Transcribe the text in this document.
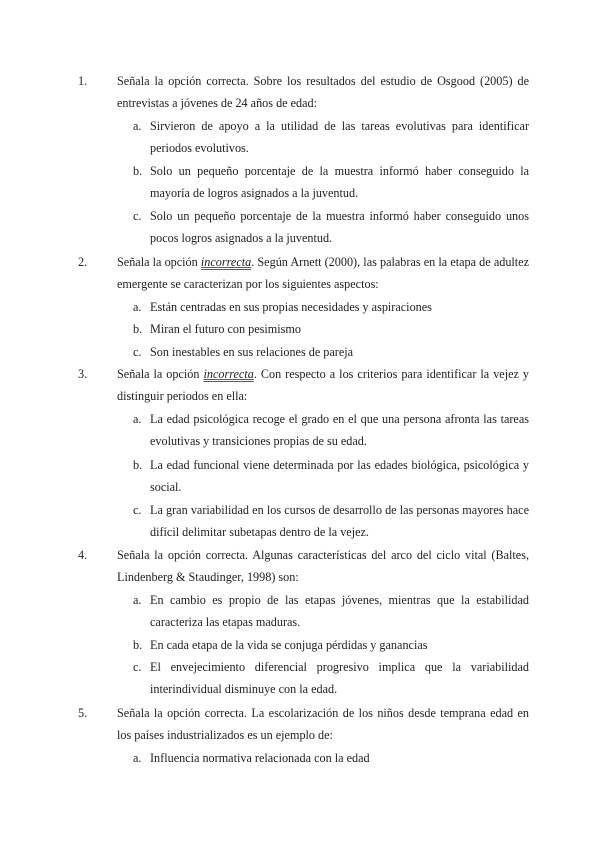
1. Señala la opción correcta. Sobre los resultados del estudio de Osgood (2005) de entrevistas a jóvenes de 24 años de edad:

a. Sirvieron de apoyo a la utilidad de las tareas evolutivas para identificar periodos evolutivos.

b. Solo un pequeño porcentaje de la muestra informó haber conseguido la mayoría de logros asignados a la juventud.

c. Solo un pequeño porcentaje de la muestra informó haber conseguido unos pocos logros asignados a la juventud.

2. Señala la opción incorrecta. Según Arnett (2000), las palabras en la etapa de adultez emergente se caracterizan por los siguientes aspectos:

a. Están centradas en sus propias necesidades y aspiraciones

b. Miran el futuro con pesimismo

c. Son inestables en sus relaciones de pareja

3. Señala la opción incorrecta. Con respecto a los criterios para identificar la vejez y distinguir periodos en ella:

a. La edad psicológica recoge el grado en el que una persona afronta las tareas evolutivas y transiciones propias de su edad.

b. La edad funcional viene determinada por las edades biológica, psicológica y social.

c. La gran variabilidad en los cursos de desarrollo de las personas mayores hace difícil delimitar subetapas dentro de la vejez.

4. Señala la opción correcta. Algunas características del arco del ciclo vital (Baltes, Lindenberg & Staudinger, 1998) son:

a. En cambio es propio de las etapas jóvenes, mientras que la estabilidad caracteriza las etapas maduras.

b. En cada etapa de la vida se conjuga pérdidas y ganancias

c. El envejecimiento diferencial progresivo implica que la variabilidad interindividual disminuye con la edad.

5. Señala la opción correcta. La escolarización de los niños desde temprana edad en los países industrializados es un ejemplo de:

a. Influencia normativa relacionada con la edad
